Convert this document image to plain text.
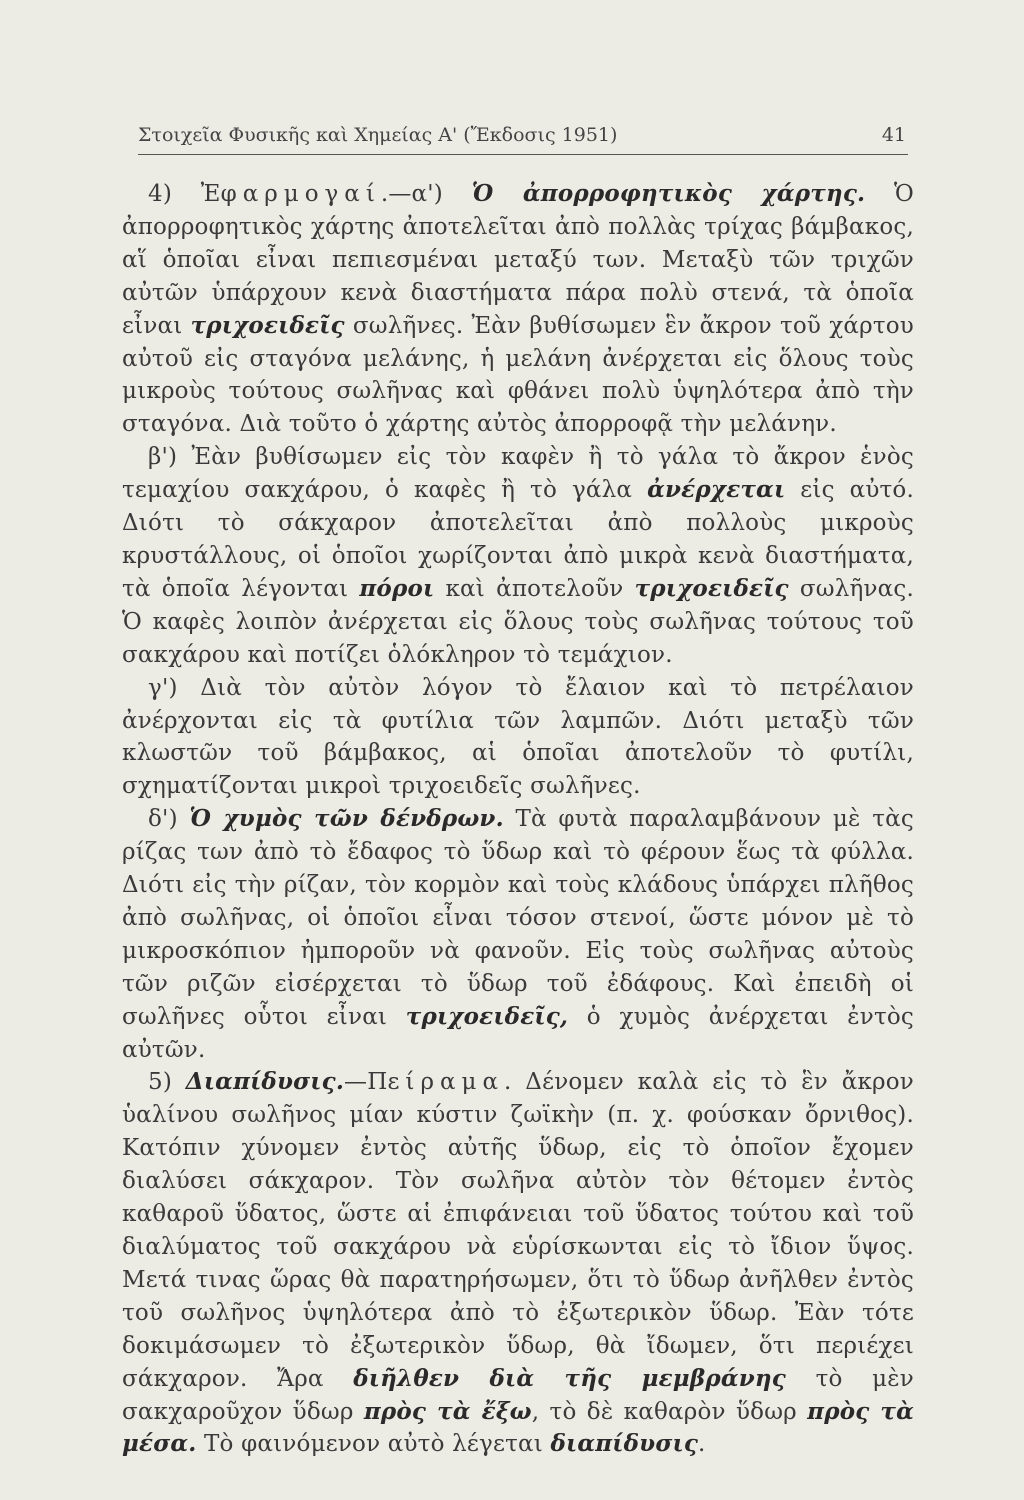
Στοιχεῖα Φυσικῆς καὶ Χημείας Α' (Ἔκδοσις 1951)	41

4) Ἐφαρμογαί.—α') Ὁ ἀπορροφητικὸς χάρτης. Ὁ ἀπορροφητικὸς χάρτης ἀποτελεῖται ἀπὸ πολλὰς τρίχας βάμβακος, αἵ ὁποῖαι εἶναι πεπιεσμέναι μεταξύ των. Μεταξὺ τῶν τριχῶν αὐτῶν ὑπάρχουν κενὰ διαστήματα πάρα πολὺ στενά, τὰ ὁποῖα εἶναι τριχοειδεῖς σωλῆνες. Ἐὰν βυθίσωμεν ἓν ἄκρον τοῦ χάρτου αὐτοῦ εἰς σταγόνα μελάνης, ἡ μελάνη ἀνέρχεται εἰς ὅλους τοὺς μικροὺς τούτους σωλῆνας καὶ φθάνει πολὺ ὑψηλότερα ἀπὸ τὴν σταγόνα. Διὰ τοῦτο ὁ χάρτης αὐτὸς ἀπορροφᾷ τὴν μελάνην.

β') Ἐὰν βυθίσωμεν εἰς τὸν καφὲν ἢ τὸ γάλα τὸ ἄκρον ἑνὸς τεμαχίου σακχάρου, ὁ καφὲς ἢ τὸ γάλα ἀνέρχεται εἰς αὐτό. Διότι τὸ σάκχαρον ἀποτελεῖται ἀπὸ πολλοὺς μικροὺς κρυστάλλους, οἱ ὁποῖοι χωρίζονται ἀπὸ μικρὰ κενὰ διαστήματα, τὰ ὁποῖα λέγονται πόροι καὶ ἀποτελοῦν τριχοειδεῖς σωλῆνας. Ὁ καφὲς λοιπὸν ἀνέρχεται εἰς ὅλους τοὺς σωλῆνας τούτους τοῦ σακχάρου καὶ ποτίζει ὁλόκληρον τὸ τεμάχιον.

γ') Διὰ τὸν αὐτὸν λόγον τὸ ἔλαιον καὶ τὸ πετρέλαιον ἀνέρχονται εἰς τὰ φυτίλια τῶν λαμπῶν. Διότι μεταξὺ τῶν κλωστῶν τοῦ βάμβακος, αἱ ὁποῖαι ἀποτελοῦν τὸ φυτίλι, σχηματίζονται μικροὶ τριχοειδεῖς σωλῆνες.

δ') Ὁ χυμὸς τῶν δένδρων. Τὰ φυτὰ παραλαμβάνουν μὲ τὰς ρίζας των ἀπὸ τὸ ἔδαφος τὸ ὕδωρ καὶ τὸ φέρουν ἕως τὰ φύλλα. Διότι εἰς τὴν ρίζαν, τὸν κορμὸν καὶ τοὺς κλάδους ὑπάρχει πλῆθος ἀπὸ σωλῆνας, οἱ ὁποῖοι εἶναι τόσον στενοί, ὥστε μόνον μὲ τὸ μικροσκόπιον ἠμποροῦν νὰ φανοῦν. Εἰς τοὺς σωλῆνας αὐτοὺς τῶν ριζῶν εἰσέρχεται τὸ ὕδωρ τοῦ ἐδάφους. Καὶ ἐπειδὴ οἱ σωλῆνες οὗτοι εἶναι τριχοειδεῖς, ὁ χυμὸς ἀνέρχεται ἐντὸς αὐτῶν.

5) Διαπίδυσις.—Πείραμα. Δένομεν καλὰ εἰς τὸ ἓν ἄκρον ὑαλίνου σωλῆνος μίαν κύστιν ζωϊκὴν (π. χ. φούσκαν ὄρνιθος). Κατόπιν χύνομεν ἐντὸς αὐτῆς ὕδωρ, εἰς τὸ ὁποῖον ἔχομεν διαλύσει σάκχαρον. Τὸν σωλῆνα αὐτὸν τὸν θέτομεν ἐντὸς καθαροῦ ὕδατος, ὥστε αἱ ἐπιφάνειαι τοῦ ὕδατος τούτου καὶ τοῦ διαλύματος τοῦ σακχάρου νὰ εὑρίσκωνται εἰς τὸ ἴδιον ὕψος. Μετά τινας ὥρας θὰ παρατηρήσωμεν, ὅτι τὸ ὕδωρ ἀνῆλθεν ἐντὸς τοῦ σωλῆνος ὑψηλότερα ἀπὸ τὸ ἐξωτερικὸν ὕδωρ. Ἐὰν τότε δοκιμάσωμεν τὸ ἐξωτερικὸν ὕδωρ, θὰ ἴδωμεν, ὅτι περιέχει σάκχαρον. Ἄρα διῆλθεν διὰ τῆς μεμβράνης τὸ μὲν σακχαροῦχον ὕδωρ πρὸς τὰ ἔξω, τὸ δὲ καθαρὸν ὕδωρ πρὸς τὰ μέσα. Τὸ φαινόμενον αὐτὸ λέγεται διαπίδυσις.
